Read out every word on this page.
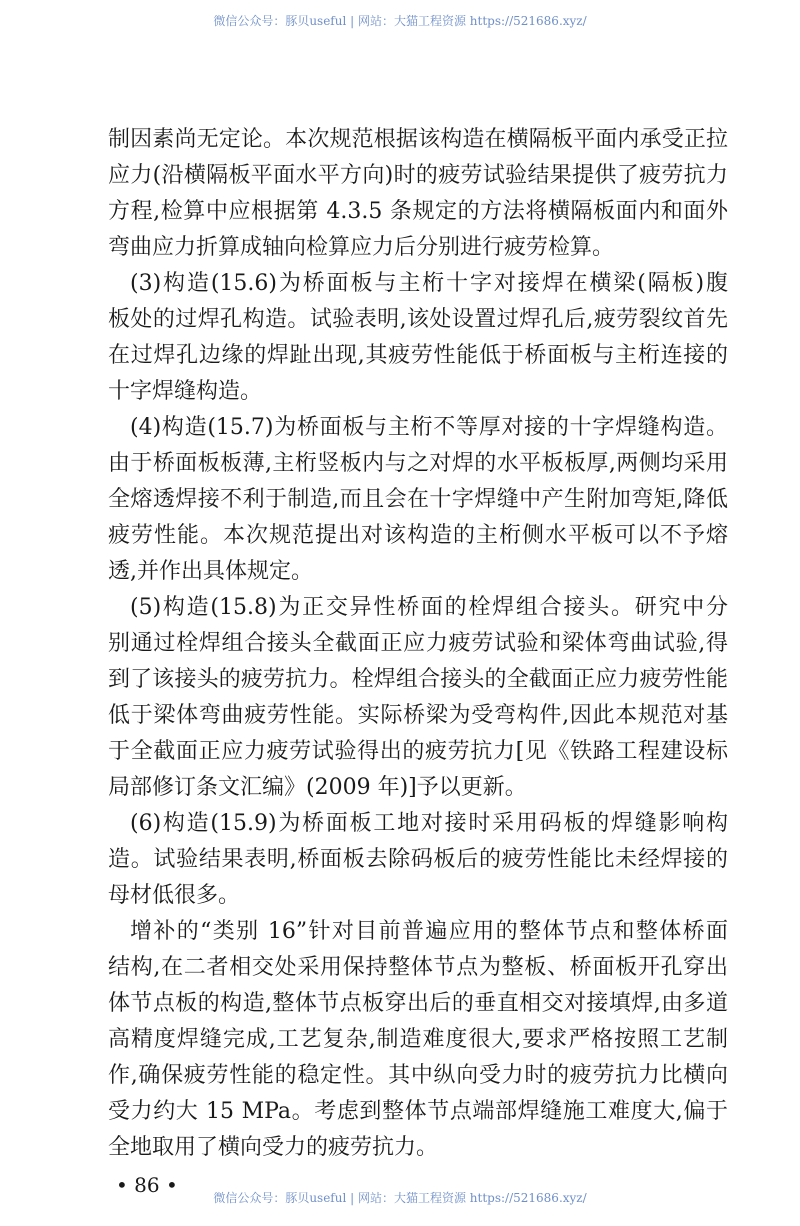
微信公众号：豚贝useful | 网站：大猫工程资源 https://521686.xyz/
制因素尚无定论。本次规范根据该构造在横隔板平面内承受正拉
应力(沿横隔板平面水平方向)时的疲劳试验结果提供了疲劳抗力
方程,检算中应根据第 4.3.5 条规定的方法将横隔板面内和面外
弯曲应力折算成轴向检算应力后分别进行疲劳检算。
(3)构造(15.6)为桥面板与主桁十字对接焊在横梁(隔板)腹
板处的过焊孔构造。试验表明,该处设置过焊孔后,疲劳裂纹首先
在过焊孔边缘的焊趾出现,其疲劳性能低于桥面板与主桁连接的
十字焊缝构造。
(4)构造(15.7)为桥面板与主桁不等厚对接的十字焊缝构造。
由于桥面板板薄,主桁竖板内与之对焊的水平板板厚,两侧均采用
全熔透焊接不利于制造,而且会在十字焊缝中产生附加弯矩,降低
疲劳性能。本次规范提出对该构造的主桁侧水平板可以不予熔
透,并作出具体规定。
(5)构造(15.8)为正交异性桥面的栓焊组合接头。研究中分
别通过栓焊组合接头全截面正应力疲劳试验和梁体弯曲试验,得
到了该接头的疲劳抗力。栓焊组合接头的全截面正应力疲劳性能
低于梁体弯曲疲劳性能。实际桥梁为受弯构件,因此本规范对基
于全截面正应力疲劳试验得出的疲劳抗力[见《铁路工程建设标
局部修订条文汇编》(2009 年)]予以更新。
(6)构造(15.9)为桥面板工地对接时采用码板的焊缝影响构
造。试验结果表明,桥面板去除码板后的疲劳性能比未经焊接的
母材低很多。
增补的“类别 16”针对目前普遍应用的整体节点和整体桥面
结构,在二者相交处采用保持整体节点为整板、桥面板开孔穿出
体节点板的构造,整体节点板穿出后的垂直相交对接填焊,由多道
高精度焊缝完成,工艺复杂,制造难度很大,要求严格按照工艺制
作,确保疲劳性能的稳定性。其中纵向受力时的疲劳抗力比横向
受力约大 15 MPa。考虑到整体节点端部焊缝施工难度大,偏于
全地取用了横向受力的疲劳抗力。
• 86 •
微信公众号：豚贝useful | 网站：大猫工程资源 https://521686.xyz/
